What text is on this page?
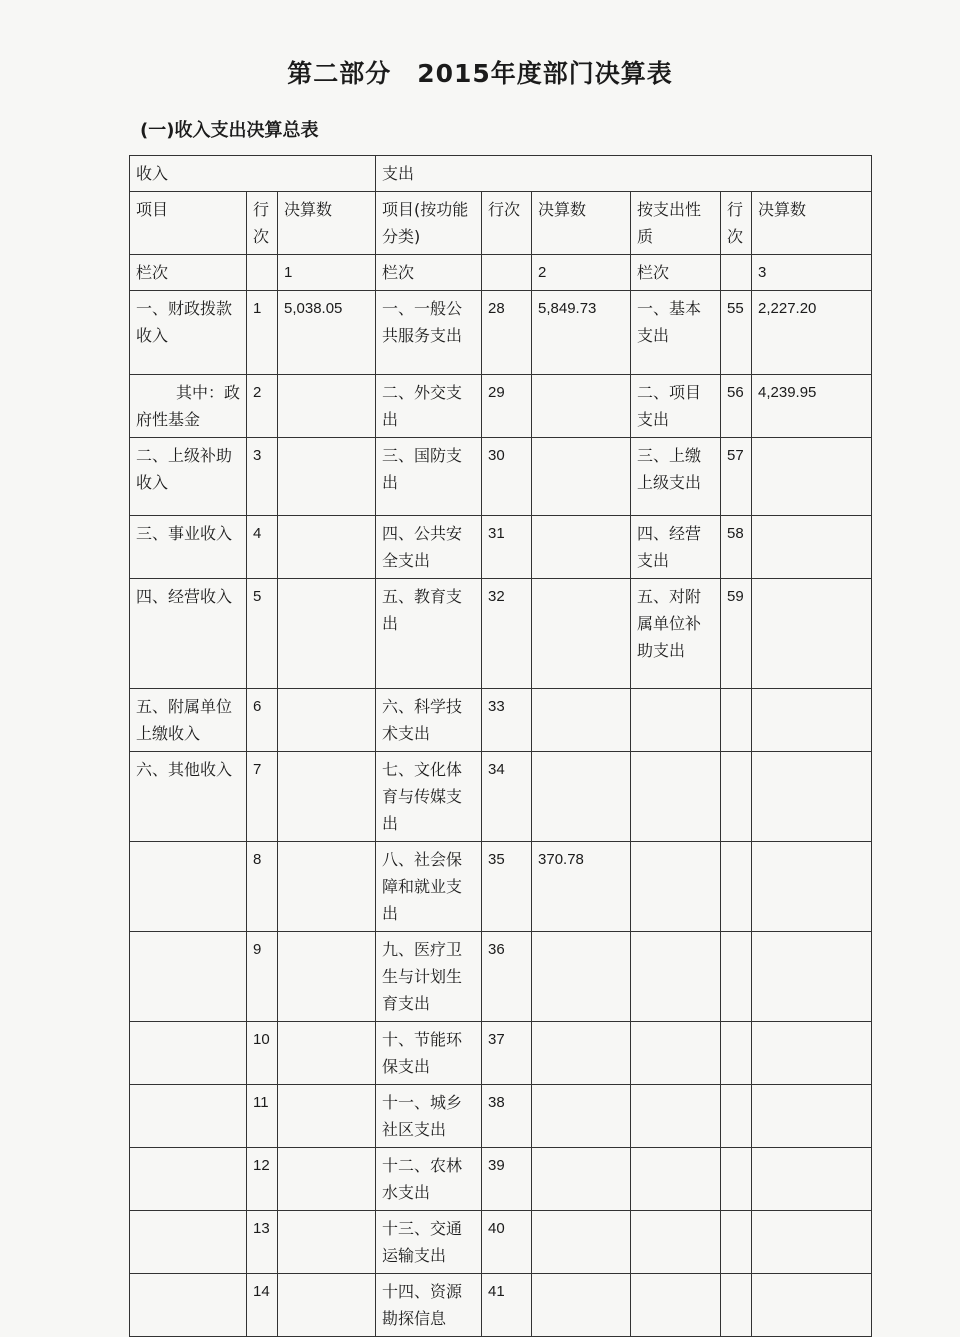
第二部分　2015年度部门决算表
(一)收入支出决算总表
收入			支出					
项目	行次	决算数	项目(按功能分类)	行次	决算数	按支出性质	行次	决算数
栏次		1	栏次		2	栏次		3
一、财政拨款收入	1	5,038.05	一、一般公共服务支出	28	5,849.73	一、基本支出	55	2,227.20
其中：政府性基金	2		二、外交支出	29		二、项目支出	56	4,239.95
二、上级补助收入	3		三、国防支出	30		三、上缴上级支出	57	
三、事业收入	4		四、公共安全支出	31		四、经营支出	58	
四、经营收入	5		五、教育支出	32		五、对附属单位补助支出	59	
五、附属单位上缴收入	6		六、科学技术支出	33				
六、其他收入	7		七、文化体育与传媒支出	34				
	8		八、社会保障和就业支出	35	370.78			
	9		九、医疗卫生与计划生育支出	36				
	10		十、节能环保支出	37				
	11		十一、城乡社区支出	38				
	12		十二、农林水支出	39				
	13		十三、交通运输支出	40				
	14		十四、资源勘探信息	41				
